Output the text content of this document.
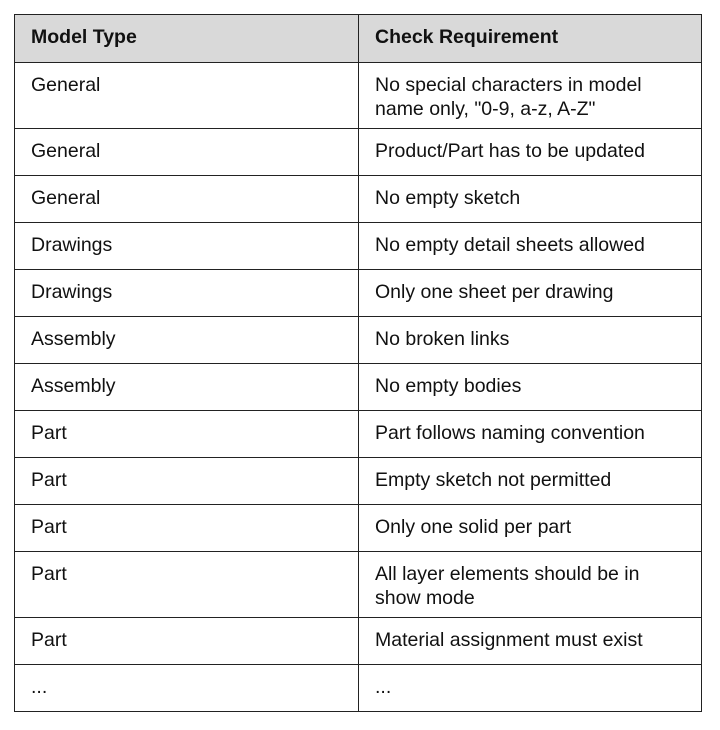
Model Type	Check Requirement
General	No special characters in model name only, "0-9, a-z, A-Z"
General	Product/Part has to be updated
General	No empty sketch
Drawings	No empty detail sheets allowed
Drawings	Only one sheet per drawing
Assembly	No broken links
Assembly	No empty bodies
Part	Part follows naming convention
Part	Empty sketch not permitted
Part	Only one solid per part
Part	All layer elements should be in show mode
Part	Material assignment must exist
...	...
